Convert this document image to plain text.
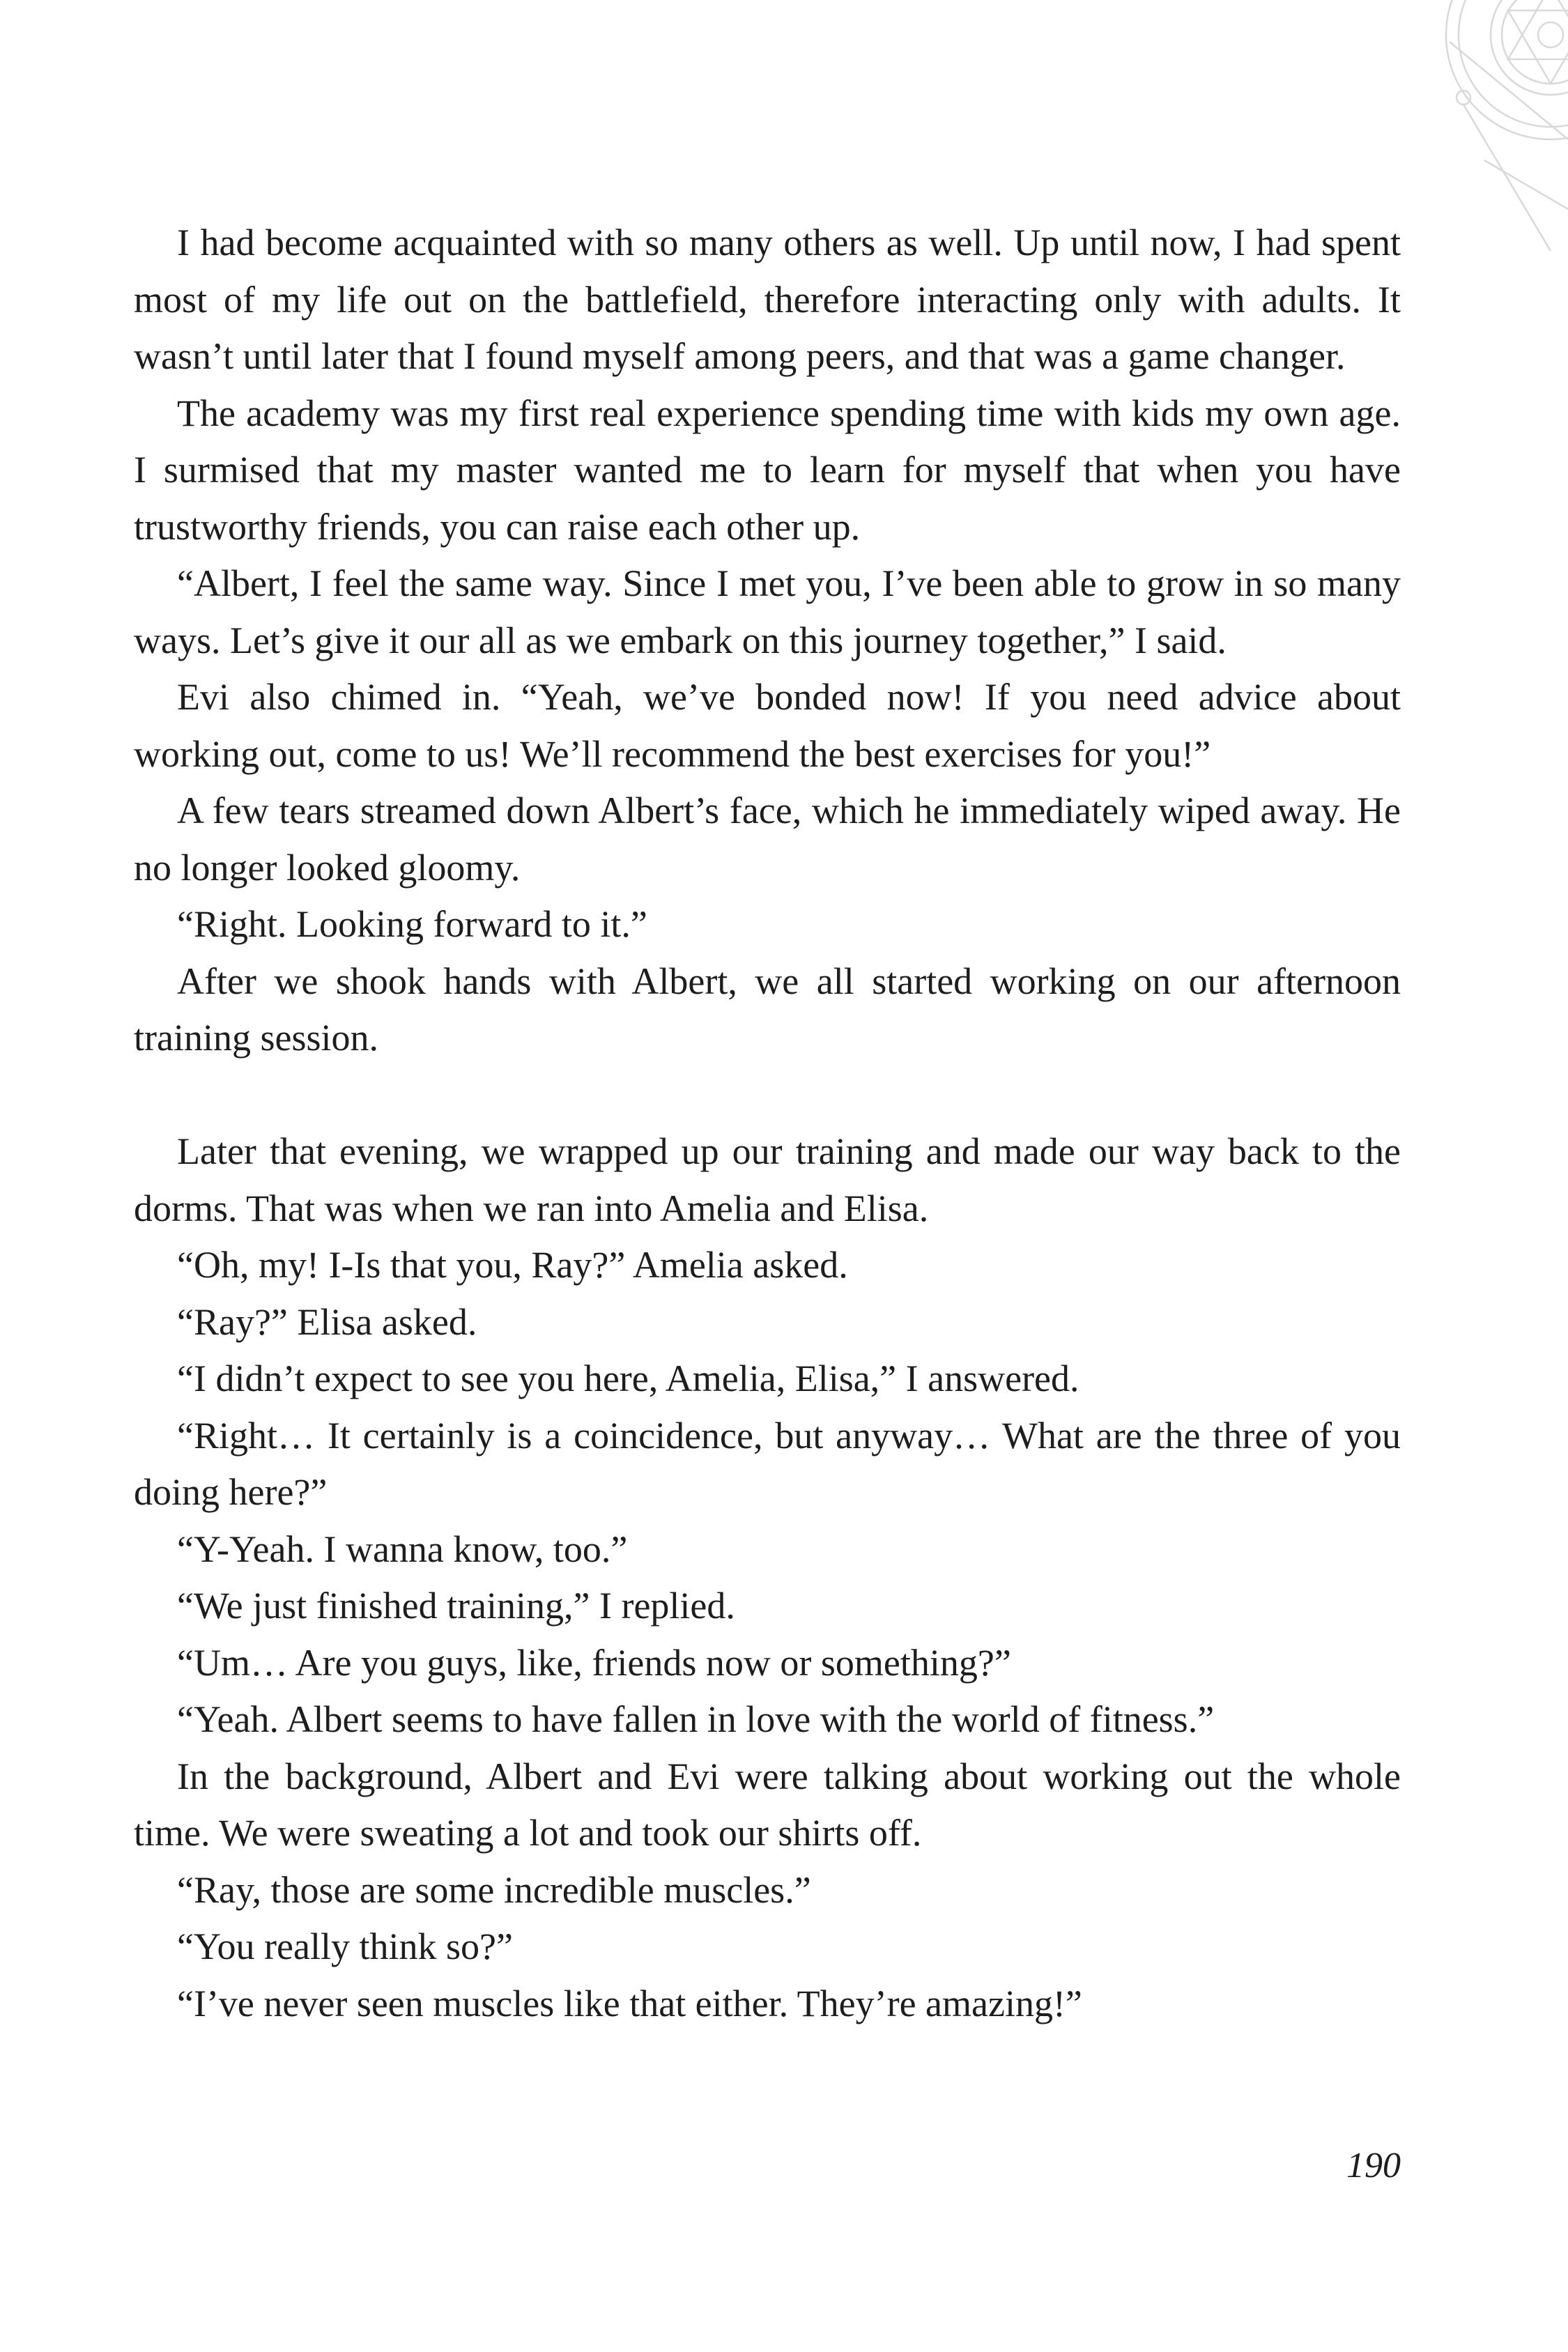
I had become acquainted with so many others as well. Up until now, I had spent most of my life out on the battlefield, therefore interacting only with adults. It wasn’t until later that I found myself among peers, and that was a game changer.

The academy was my first real experience spending time with kids my own age. I surmised that my master wanted me to learn for myself that when you have trustworthy friends, you can raise each other up.

“Albert, I feel the same way. Since I met you, I’ve been able to grow in so many ways. Let’s give it our all as we embark on this journey together,” I said.

Evi also chimed in. “Yeah, we’ve bonded now! If you need advice about working out, come to us! We’ll recommend the best exercises for you!”

A few tears streamed down Albert’s face, which he immediately wiped away. He no longer looked gloomy.

“Right. Looking forward to it.”

After we shook hands with Albert, we all started working on our afternoon training session.

Later that evening, we wrapped up our training and made our way back to the dorms. That was when we ran into Amelia and Elisa.

“Oh, my! I-Is that you, Ray?” Amelia asked.

“Ray?” Elisa asked.

“I didn’t expect to see you here, Amelia, Elisa,” I answered.

“Right… It certainly is a coincidence, but anyway… What are the three of you doing here?”

“Y-Yeah. I wanna know, too.”

“We just finished training,” I replied.

“Um… Are you guys, like, friends now or something?”

“Yeah. Albert seems to have fallen in love with the world of fitness.”

In the background, Albert and Evi were talking about working out the whole time. We were sweating a lot and took our shirts off.

“Ray, those are some incredible muscles.”

“You really think so?”

“I’ve never seen muscles like that either. They’re amazing!”

190
